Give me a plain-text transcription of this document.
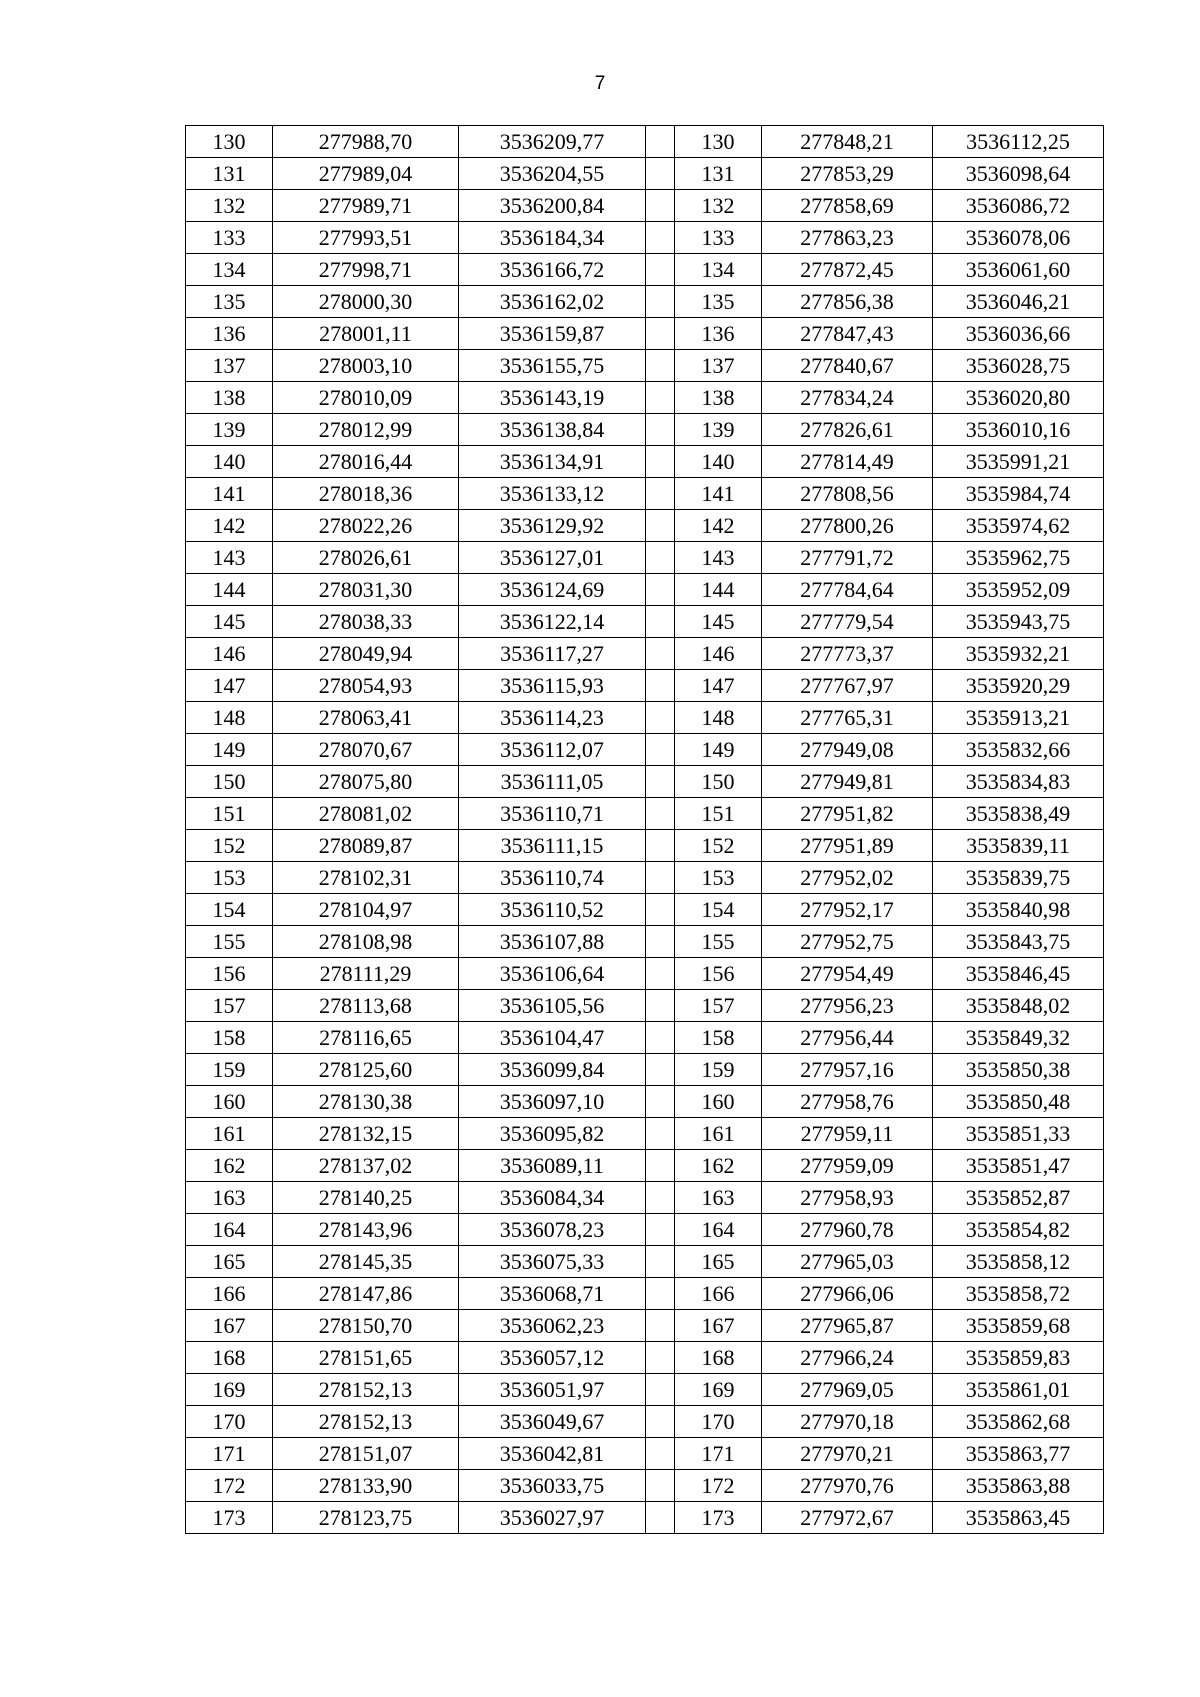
7
130	277988,70	3536209,77		130	277848,21	3536112,25
131	277989,04	3536204,55		131	277853,29	3536098,64
132	277989,71	3536200,84		132	277858,69	3536086,72
133	277993,51	3536184,34		133	277863,23	3536078,06
134	277998,71	3536166,72		134	277872,45	3536061,60
135	278000,30	3536162,02		135	277856,38	3536046,21
136	278001,11	3536159,87		136	277847,43	3536036,66
137	278003,10	3536155,75		137	277840,67	3536028,75
138	278010,09	3536143,19		138	277834,24	3536020,80
139	278012,99	3536138,84		139	277826,61	3536010,16
140	278016,44	3536134,91		140	277814,49	3535991,21
141	278018,36	3536133,12		141	277808,56	3535984,74
142	278022,26	3536129,92		142	277800,26	3535974,62
143	278026,61	3536127,01		143	277791,72	3535962,75
144	278031,30	3536124,69		144	277784,64	3535952,09
145	278038,33	3536122,14		145	277779,54	3535943,75
146	278049,94	3536117,27		146	277773,37	3535932,21
147	278054,93	3536115,93		147	277767,97	3535920,29
148	278063,41	3536114,23		148	277765,31	3535913,21
149	278070,67	3536112,07		149	277949,08	3535832,66
150	278075,80	3536111,05		150	277949,81	3535834,83
151	278081,02	3536110,71		151	277951,82	3535838,49
152	278089,87	3536111,15		152	277951,89	3535839,11
153	278102,31	3536110,74		153	277952,02	3535839,75
154	278104,97	3536110,52		154	277952,17	3535840,98
155	278108,98	3536107,88		155	277952,75	3535843,75
156	278111,29	3536106,64		156	277954,49	3535846,45
157	278113,68	3536105,56		157	277956,23	3535848,02
158	278116,65	3536104,47		158	277956,44	3535849,32
159	278125,60	3536099,84		159	277957,16	3535850,38
160	278130,38	3536097,10		160	277958,76	3535850,48
161	278132,15	3536095,82		161	277959,11	3535851,33
162	278137,02	3536089,11		162	277959,09	3535851,47
163	278140,25	3536084,34		163	277958,93	3535852,87
164	278143,96	3536078,23		164	277960,78	3535854,82
165	278145,35	3536075,33		165	277965,03	3535858,12
166	278147,86	3536068,71		166	277966,06	3535858,72
167	278150,70	3536062,23		167	277965,87	3535859,68
168	278151,65	3536057,12		168	277966,24	3535859,83
169	278152,13	3536051,97		169	277969,05	3535861,01
170	278152,13	3536049,67		170	277970,18	3535862,68
171	278151,07	3536042,81		171	277970,21	3535863,77
172	278133,90	3536033,75		172	277970,76	3535863,88
173	278123,75	3536027,97		173	277972,67	3535863,45
